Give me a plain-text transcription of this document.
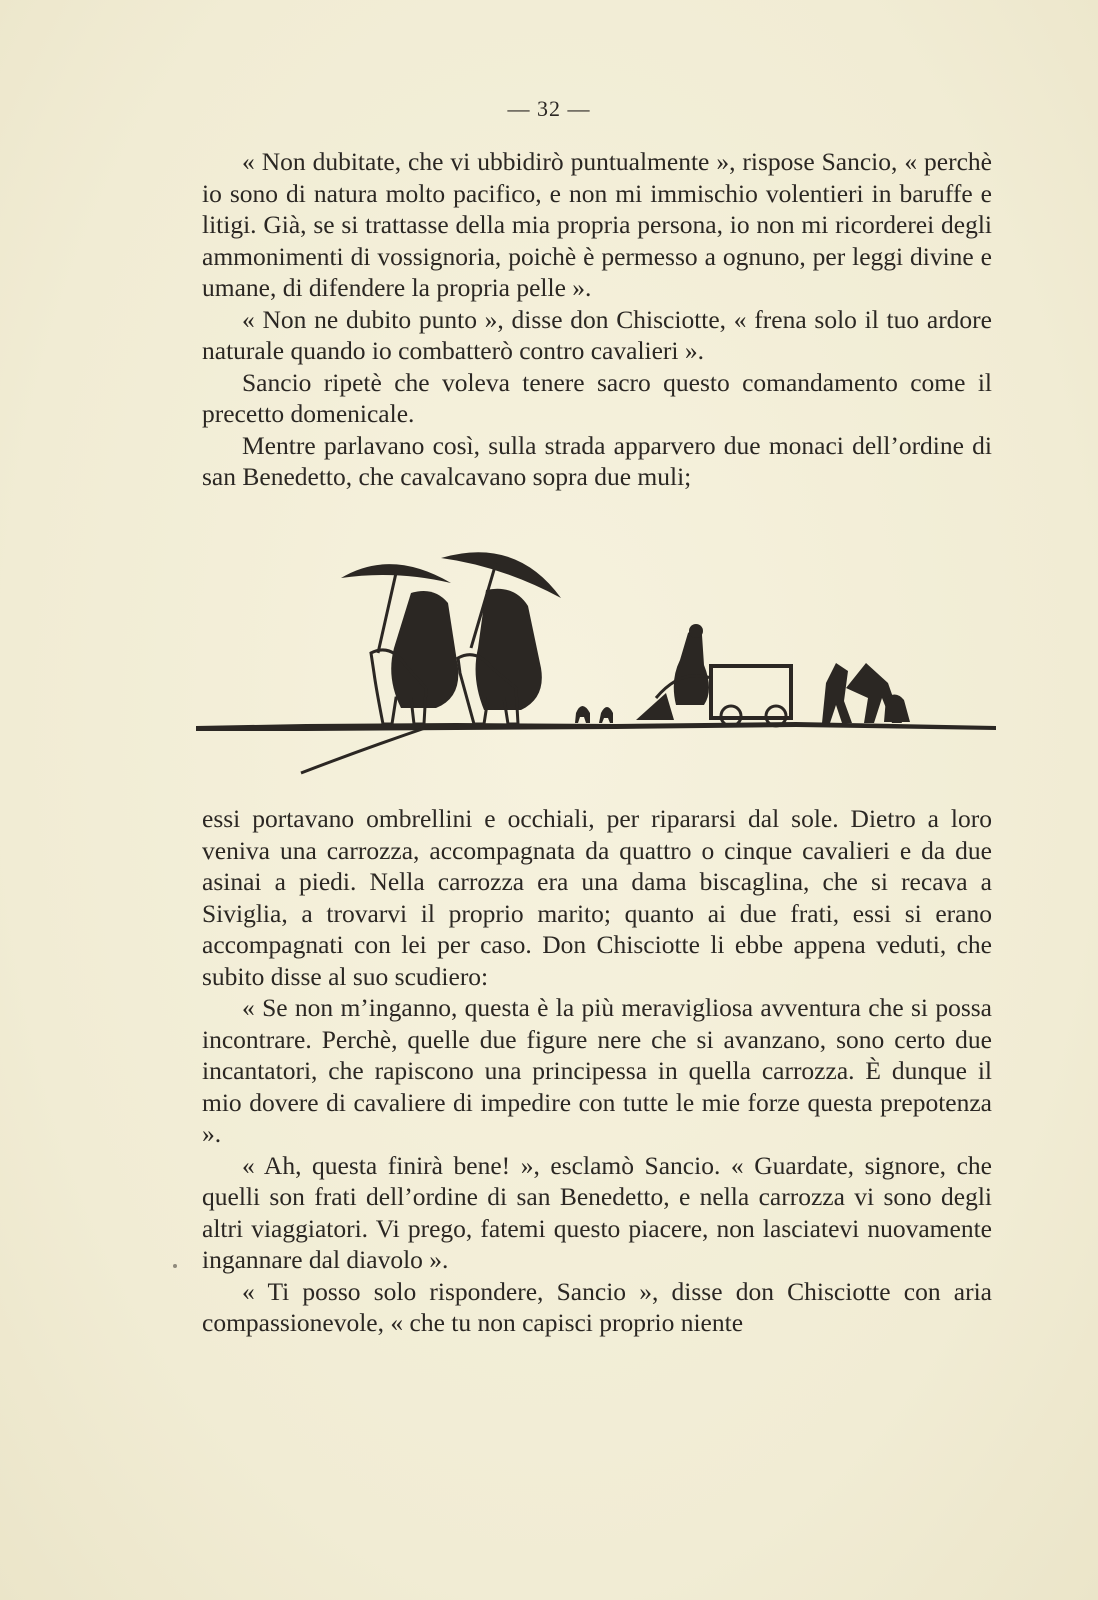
— 32 —

« Non dubitate, che vi ubbidirò puntualmente », rispose Sancio, « perchè io sono di natura molto pacifico, e non mi immischio volentieri in baruffe e litigi. Già, se si trattasse della mia propria persona, io non mi ricorderei degli ammonimenti di vossignoria, poichè è permesso a ognuno, per leggi divine e umane, di difendere la propria pelle ».

« Non ne dubito punto », disse don Chisciotte, « frena solo il tuo ardore naturale quando io combatterò contro cavalieri ».

Sancio ripetè che voleva tenere sacro questo comandamento come il precetto domenicale.

Mentre parlavano così, sulla strada apparvero due monaci dell’ordine di san Benedetto, che cavalcavano sopra due muli;

essi portavano ombrellini e occhiali, per ripararsi dal sole. Dietro a loro veniva una carrozza, accompagnata da quattro o cinque cavalieri e da due asinai a piedi. Nella carrozza era una dama biscaglina, che si recava a Siviglia, a trovarvi il proprio marito; quanto ai due frati, essi si erano accompagnati con lei per caso. Don Chisciotte li ebbe appena veduti, che subito disse al suo scudiero:

« Se non m’inganno, questa è la più meravigliosa avventura che si possa incontrare. Perchè, quelle due figure nere che si avanzano, sono certo due incantatori, che rapiscono una principessa in quella carrozza. È dunque il mio dovere di cavaliere di impedire con tutte le mie forze questa prepotenza ».

« Ah, questa finirà bene! », esclamò Sancio. « Guardate, signore, che quelli son frati dell’ordine di san Benedetto, e nella carrozza vi sono degli altri viaggiatori. Vi prego, fatemi questo piacere, non lasciatevi nuovamente ingannare dal diavolo ».

« Ti posso solo rispondere, Sancio », disse don Chisciotte con aria compassionevole, « che tu non capisci proprio niente
